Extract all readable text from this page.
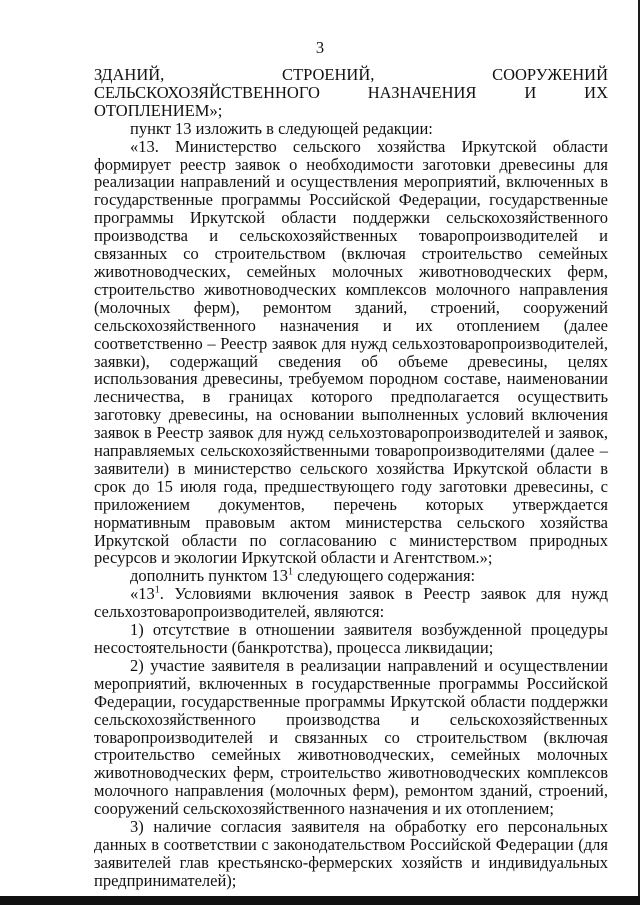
3

ЗДАНИЙ, СТРОЕНИЙ, СООРУЖЕНИЙ СЕЛЬСКОХОЗЯЙСТВЕННОГО НАЗНАЧЕНИЯ И ИХ ОТОПЛЕНИЕМ»;

пункт 13 изложить в следующей редакции:

«13. Министерство сельского хозяйства Иркутской области формирует реестр заявок о необходимости заготовки древесины для реализации направлений и осуществления мероприятий, включенных в государственные программы Российской Федерации, государственные программы Иркутской области поддержки сельскохозяйственного производства и сельскохозяйственных товаропроизводителей и связанных со строительством (включая строительство семейных животноводческих, семейных молочных животноводческих ферм, строительство животноводческих комплексов молочного направления (молочных ферм), ремонтом зданий, строений, сооружений сельскохозяйственного назначения и их отоплением (далее соответственно – Реестр заявок для нужд сельхозтоваропроизводителей, заявки), содержащий сведения об объеме древесины, целях использования древесины, требуемом породном составе, наименовании лесничества, в границах которого предполагается осуществить заготовку древесины, на основании выполненных условий включения заявок в Реестр заявок для нужд сельхозтоваропроизводителей и заявок, направляемых сельскохозяйственными товаропроизводителями (далее – заявители) в министерство сельского хозяйства Иркутской области в срок до 15 июля года, предшествующего году заготовки древесины, с приложением документов, перечень которых утверждается нормативным правовым актом министерства сельского хозяйства Иркутской области по согласованию с министерством природных ресурсов и экологии Иркутской области и Агентством.»;

дополнить пунктом $13^1$ следующего содержания:

«$13^1$. Условиями включения заявок в Реестр заявок для нужд сельхозтоваропроизводителей, являются:

1) отсутствие в отношении заявителя возбужденной процедуры несостоятельности (банкротства), процесса ликвидации;

2) участие заявителя в реализации направлений и осуществлении мероприятий, включенных в государственные программы Российской Федерации, государственные программы Иркутской области поддержки сельскохозяйственного производства и сельскохозяйственных товаропроизводителей и связанных со строительством (включая строительство семейных животноводческих, семейных молочных животноводческих ферм, строительство животноводческих комплексов молочного направления (молочных ферм), ремонтом зданий, строений, сооружений сельскохозяйственного назначения и их отоплением;

3) наличие согласия заявителя на обработку его персональных данных в соответствии с законодательством Российской Федерации (для заявителей глав крестьянско-фермерских хозяйств и индивидуальных предпринимателей);
